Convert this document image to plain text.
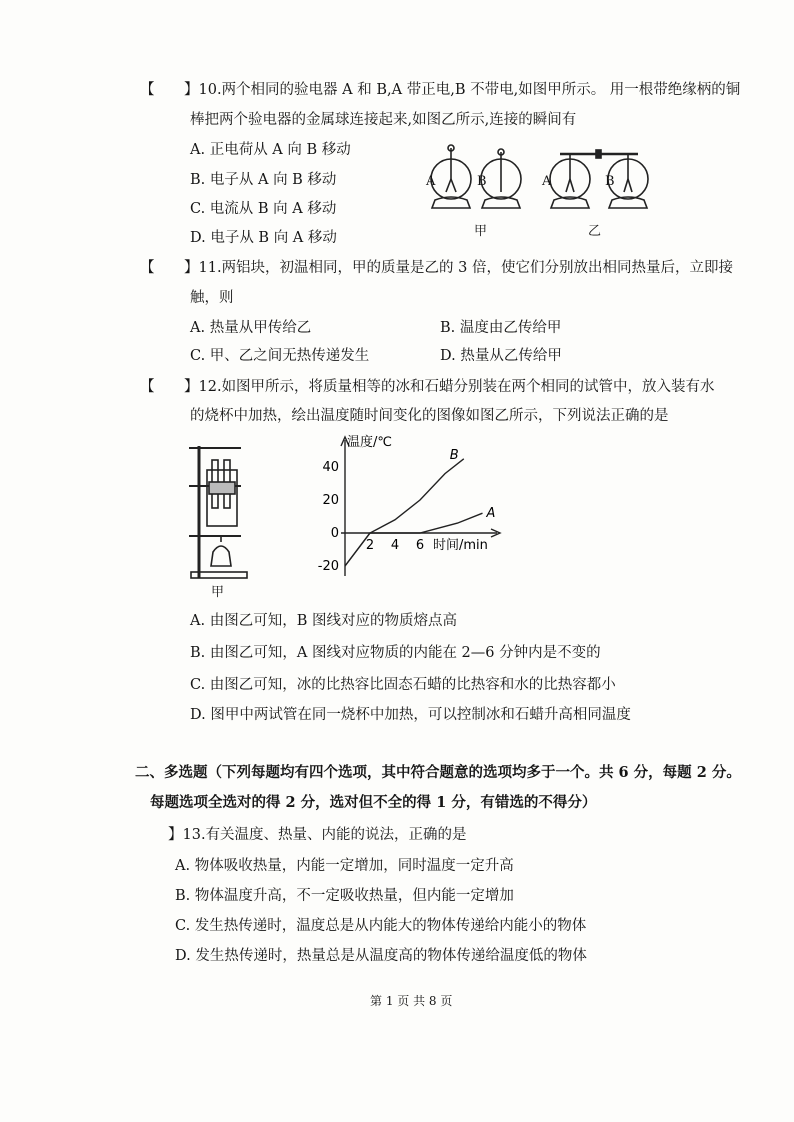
【 】10.两个相同的验电器 A 和 B,A 带正电,B 不带电,如图甲所示。 用一根带绝缘柄的铜
棒把两个验电器的金属球连接起来,如图乙所示,连接的瞬间有
A. 正电荷从 A 向 B 移动
B. 电子从 A 向 B 移动
C. 电流从 B 向 A 移动
D. 电子从 B 向 A 移动
A	B	A	B
甲	乙
【 】11.两铝块，初温相同，甲的质量是乙的 3 倍，使它们分别放出相同热量后，立即接
触，则
A. 热量从甲传给乙	B. 温度由乙传给甲
C. 甲、乙之间无热传递发生	D. 热量从乙传给甲
【 】12.如图甲所示，将质量相等的冰和石蜡分别装在两个相同的试管中，放入装有水
的烧杯中加热，绘出温度随时间变化的图像如图乙所示，下列说法正确的是
甲
温度/℃
时间/min
40
20
0
-20
2 4 6
B
A
A. 由图乙可知，B 图线对应的物质熔点高
B. 由图乙可知，A 图线对应物质的内能在 2—6 分钟内是不变的
C. 由图乙可知，冰的比热容比固态石蜡的比热容和水的比热容都小
D. 图甲中两试管在同一烧杯中加热，可以控制冰和石蜡升高相同温度
二、多选题（下列每题均有四个选项，其中符合题意的选项均多于一个。共 6 分，每题 2 分。
每题选项全选对的得 2 分，选对但不全的得 1 分，有错选的不得分）
】13.有关温度、热量、内能的说法，正确的是
A. 物体吸收热量，内能一定增加，同时温度一定升高
B. 物体温度升高，不一定吸收热量，但内能一定增加
C. 发生热传递时，温度总是从内能大的物体传递给内能小的物体
D. 发生热传递时，热量总是从温度高的物体传递给温度低的物体
第 1 页 共 8 页
